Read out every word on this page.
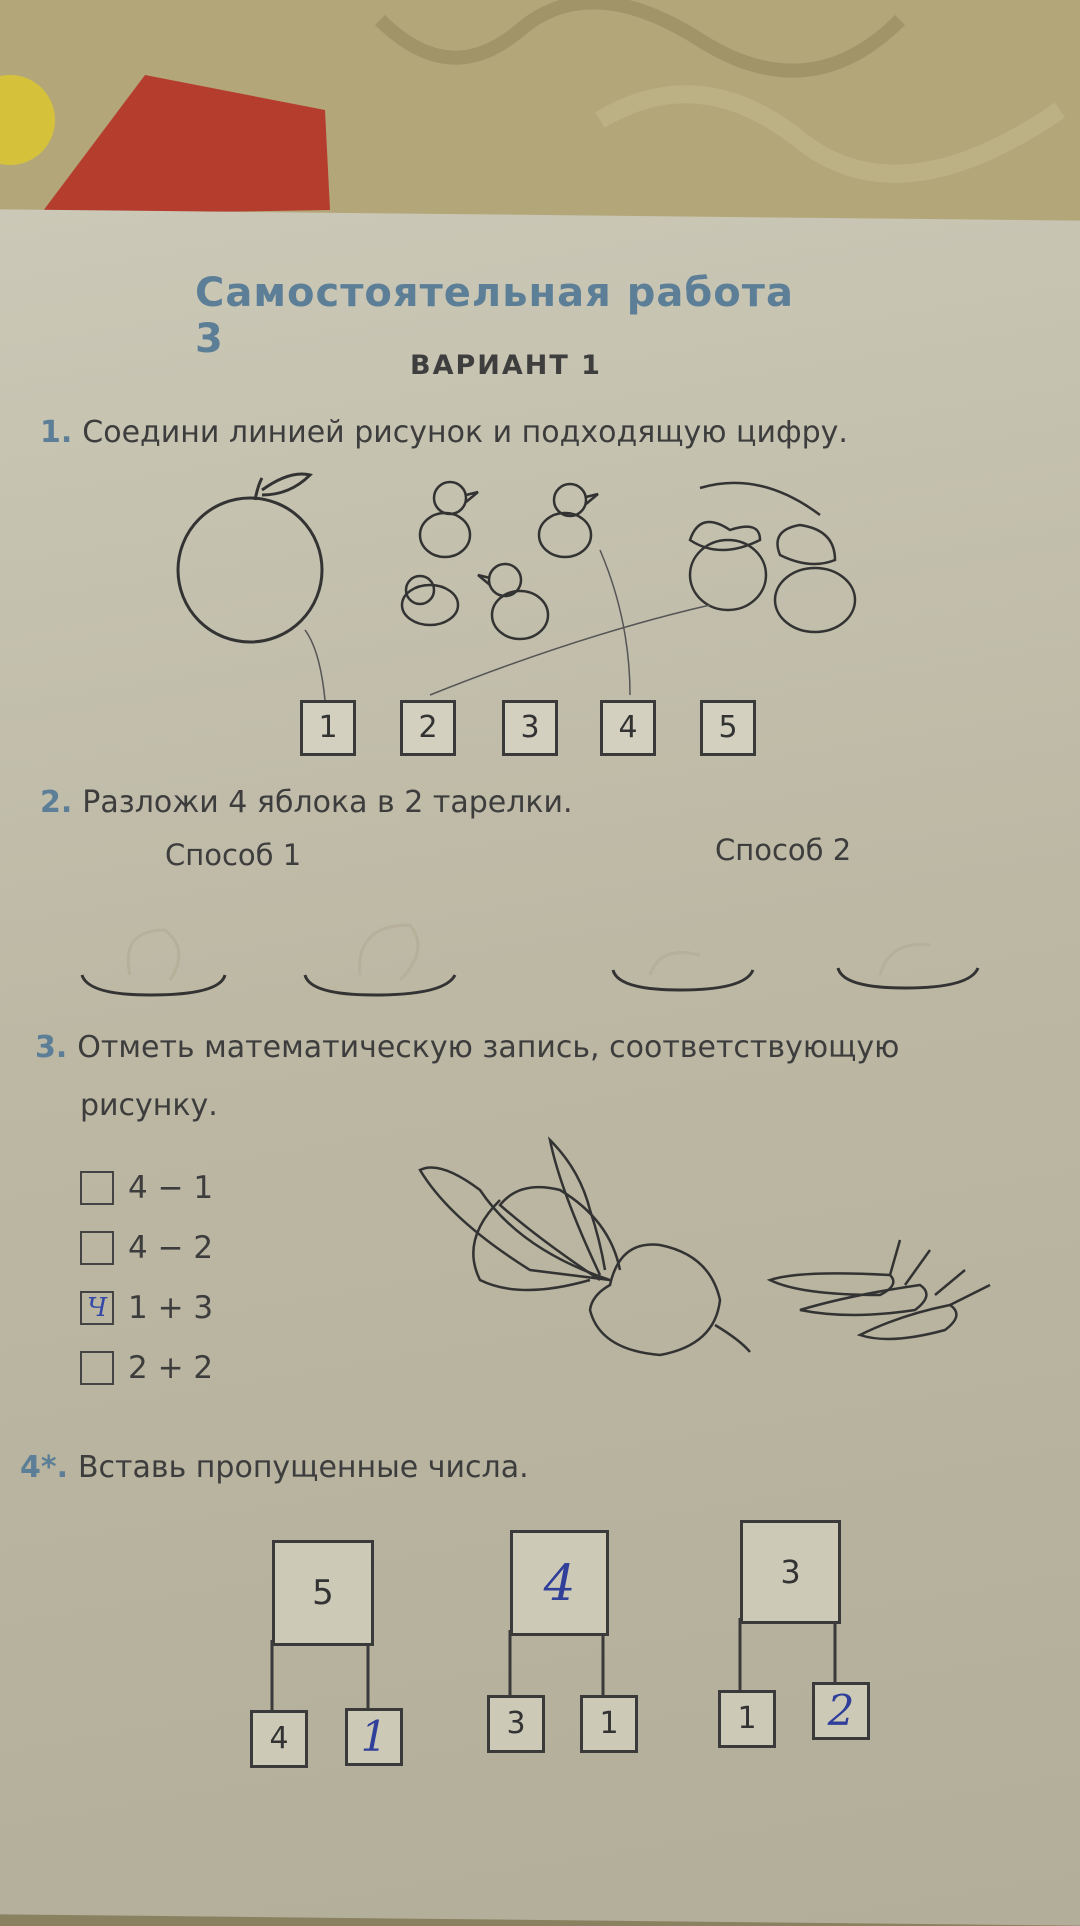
Самостоятельная работа 3
ВАРИАНТ 1
1. Соедини линией рисунок и подходящую цифру.
1	2	3	4	5
2. Разложи 4 яблока в 2 тарелки.
Способ 1	Способ 2
3. Отметь математическую запись, соответствующую
рисунку.
4 − 1
4 − 2
Ч 1 + 3
2 + 2
4*. Вставь пропущенные числа.
5
4	1
4
3	1
3
1	2
